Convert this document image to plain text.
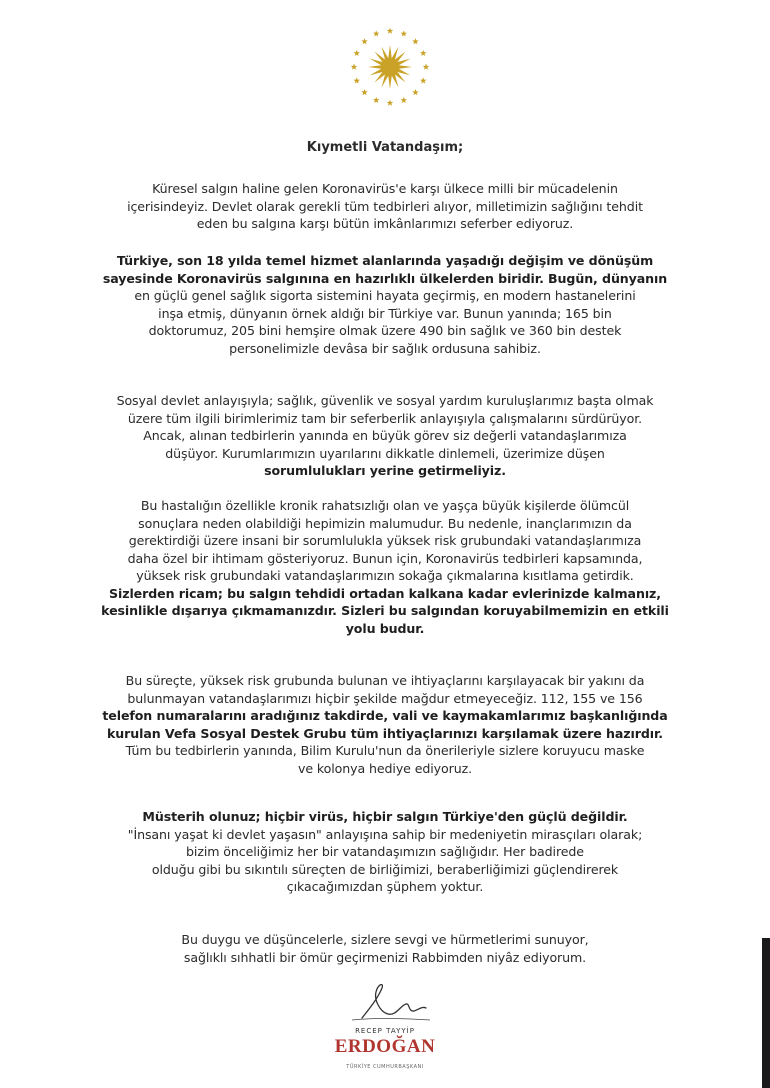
Kıymetli Vatandaşım;
Küresel salgın haline gelen Koronavirüs'e karşı ülkece milli bir mücadelenin
içerisindeyiz. Devlet olarak gerekli tüm tedbirleri alıyor, milletimizin sağlığını tehdit
eden bu salgına karşı bütün imkânlarımızı seferber ediyoruz.
Türkiye, son 18 yılda temel hizmet alanlarında yaşadığı değişim ve dönüşüm
sayesinde Koronavirüs salgınına en hazırlıklı ülkelerden biridir. Bugün, dünyanın
en güçlü genel sağlık sigorta sistemini hayata geçirmiş, en modern hastanelerini
inşa etmiş, dünyanın örnek aldığı bir Türkiye var. Bunun yanında; 165 bin
doktorumuz, 205 bini hemşire olmak üzere 490 bin sağlık ve 360 bin destek
personelimizle devâsa bir sağlık ordusuna sahibiz.
Sosyal devlet anlayışıyla; sağlık, güvenlik ve sosyal yardım kuruluşlarımız başta olmak
üzere tüm ilgili birimlerimiz tam bir seferberlik anlayışıyla çalışmalarını sürdürüyor.
Ancak, alınan tedbirlerin yanında en büyük görev siz değerli vatandaşlarımıza
düşüyor. Kurumlarımızın uyarılarını dikkatle dinlemeli, üzerimize düşen
sorumlulukları yerine getirmeliyiz.
Bu hastalığın özellikle kronik rahatsızlığı olan ve yaşça büyük kişilerde ölümcül
sonuçlara neden olabildiği hepimizin malumudur. Bu nedenle, inançlarımızın da
gerektirdiği üzere insani bir sorumlulukla yüksek risk grubundaki vatandaşlarımıza
daha özel bir ihtimam gösteriyoruz. Bunun için, Koronavirüs tedbirleri kapsamında,
yüksek risk grubundaki vatandaşlarımızın sokağa çıkmalarına kısıtlama getirdik.
Sizlerden ricam; bu salgın tehdidi ortadan kalkana kadar evlerinizde kalmanız,
kesinlikle dışarıya çıkmamanızdır. Sizleri bu salgından koruyabilmemizin en etkili
yolu budur.
Bu süreçte, yüksek risk grubunda bulunan ve ihtiyaçlarını karşılayacak bir yakını da
bulunmayan vatandaşlarımızı hiçbir şekilde mağdur etmeyeceğiz. 112, 155 ve 156
telefon numaralarını aradığınız takdirde, vali ve kaymakamlarımız başkanlığında
kurulan Vefa Sosyal Destek Grubu tüm ihtiyaçlarınızı karşılamak üzere hazırdır.
Tüm bu tedbirlerin yanında, Bilim Kurulu'nun da önerileriyle sizlere koruyucu maske
ve kolonya hediye ediyoruz.
Müsterih olunuz; hiçbir virüs, hiçbir salgın Türkiye'den güçlü değildir.
"İnsanı yaşat ki devlet yaşasın" anlayışına sahip bir medeniyetin mirasçıları olarak;
bizim önceliğimiz her bir vatandaşımızın sağlığıdır. Her badirede
olduğu gibi bu sıkıntılı süreçten de birliğimizi, beraberliğimizi güçlendirerek
çıkacağımızdan şüphem yoktur.
Bu duygu ve düşüncelerle, sizlere sevgi ve hürmetlerimi sunuyor,
sağlıklı sıhhatli bir ömür geçirmenizi Rabbimden niyâz ediyorum.
RECEP TAYYİP
ERDOĞAN
TÜRKİYE CUMHURBAŞKANI
